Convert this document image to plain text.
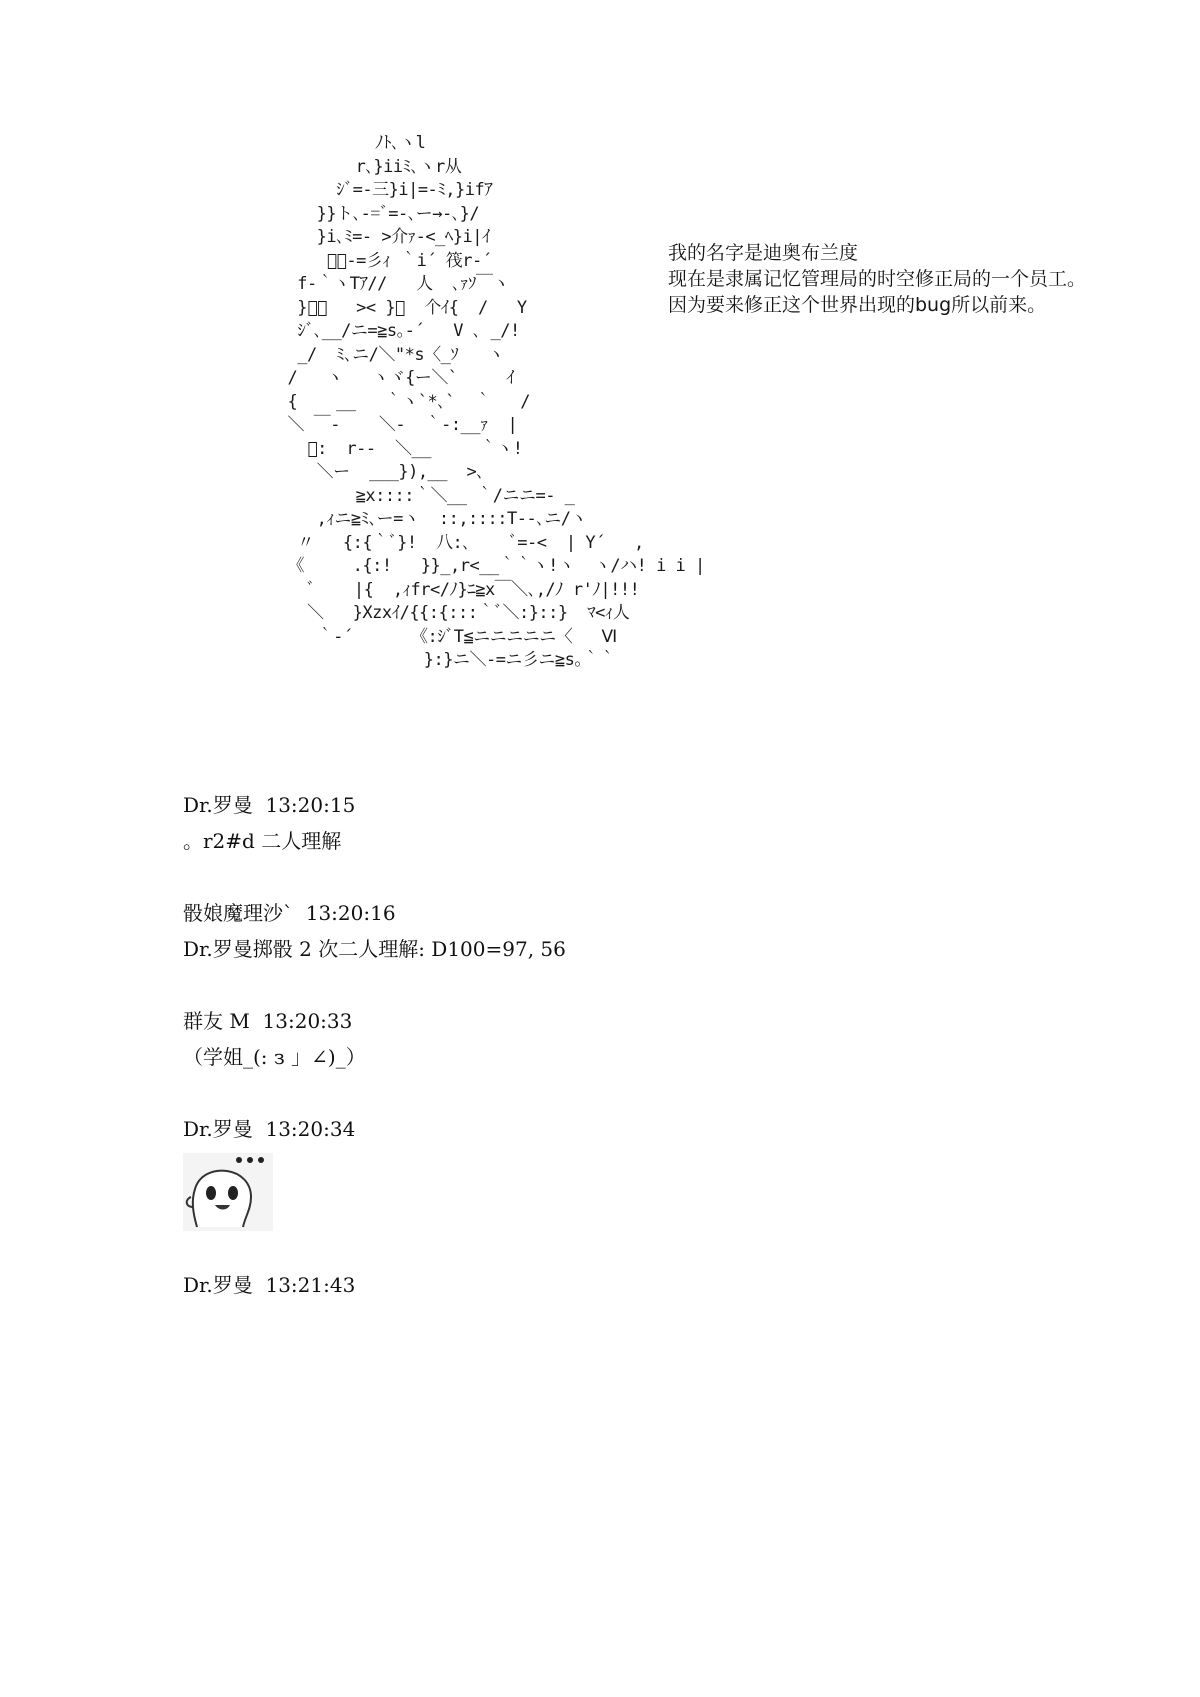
ﾉﾄ､ヽl
r､}iiﾐ､ヽr从
ｼﾞ=-三}i|=-ﾐ,}ifｱ
}}ト､-=ﾞ=-､ー→-､}/
}i､ﾐ=- >介ｧ-<_ﾍ}i|ｲ
ﾞ＼-=彡ｨ ｀i´ 筏r-´
f-｀ヽTｱ//   人  ､ｧｿ￣ヽ
}ﾞ､   >< }､  个ｲ{  /   Y
ｼﾞ､__/ニ=≧s｡-´   V ､ _/!
_/  ﾐ､ニ/＼"*s〈_ｿ   ヽ
/   ヽ   ヽヾ{ー＼`     ｲ
{    __   ｀ヽ`*､`  ｀   /
＼ ￣-    ＼-  ｀-:__ｧ  |
ﾞ:  r--  ＼__     ｀ヽ!
＼ー  ___}),__  >､
≧x::::｀＼__ ｀/ニニ=- _
,ｨニ≧ﾐ､ー=ヽ  ::,::::T--､ニ/ヽ
〃   {:{｀ﾞ}!  八:､    ﾞ=-<  | Y´   ,
《     .{:!   }}_,r<__｀｀ヽ!ヽ  ヽ/ハ! i i |
ﾞ    |{  ,ｨfr</ﾉ}ﾆ≧x￣＼､,/ﾉ r'ﾉ|!!!
＼   }Xzxｲ/{{:{:::｀ﾞ＼:}::}  ﾏ<ｨ人
｀-´      《:ｼﾞT≦ニニニニニ〈   Ⅵ
}:}ニ＼-=ニ彡ニ≧s｡｀｀
我的名字是迪奥布兰度
现在是隶属记忆管理局的时空修正局的一个员工。
因为要来修正这个世界出现的bug所以前来。
Dr.罗曼  13:20:15
。r2#d 二人理解
骰娘魔理沙`  13:20:16
Dr.罗曼掷骰 2 次二人理解: D100=97, 56
群友 M  13:20:33
（学姐_(: з 」∠)_）
Dr.罗曼  13:20:34
Dr.罗曼  13:21:43
